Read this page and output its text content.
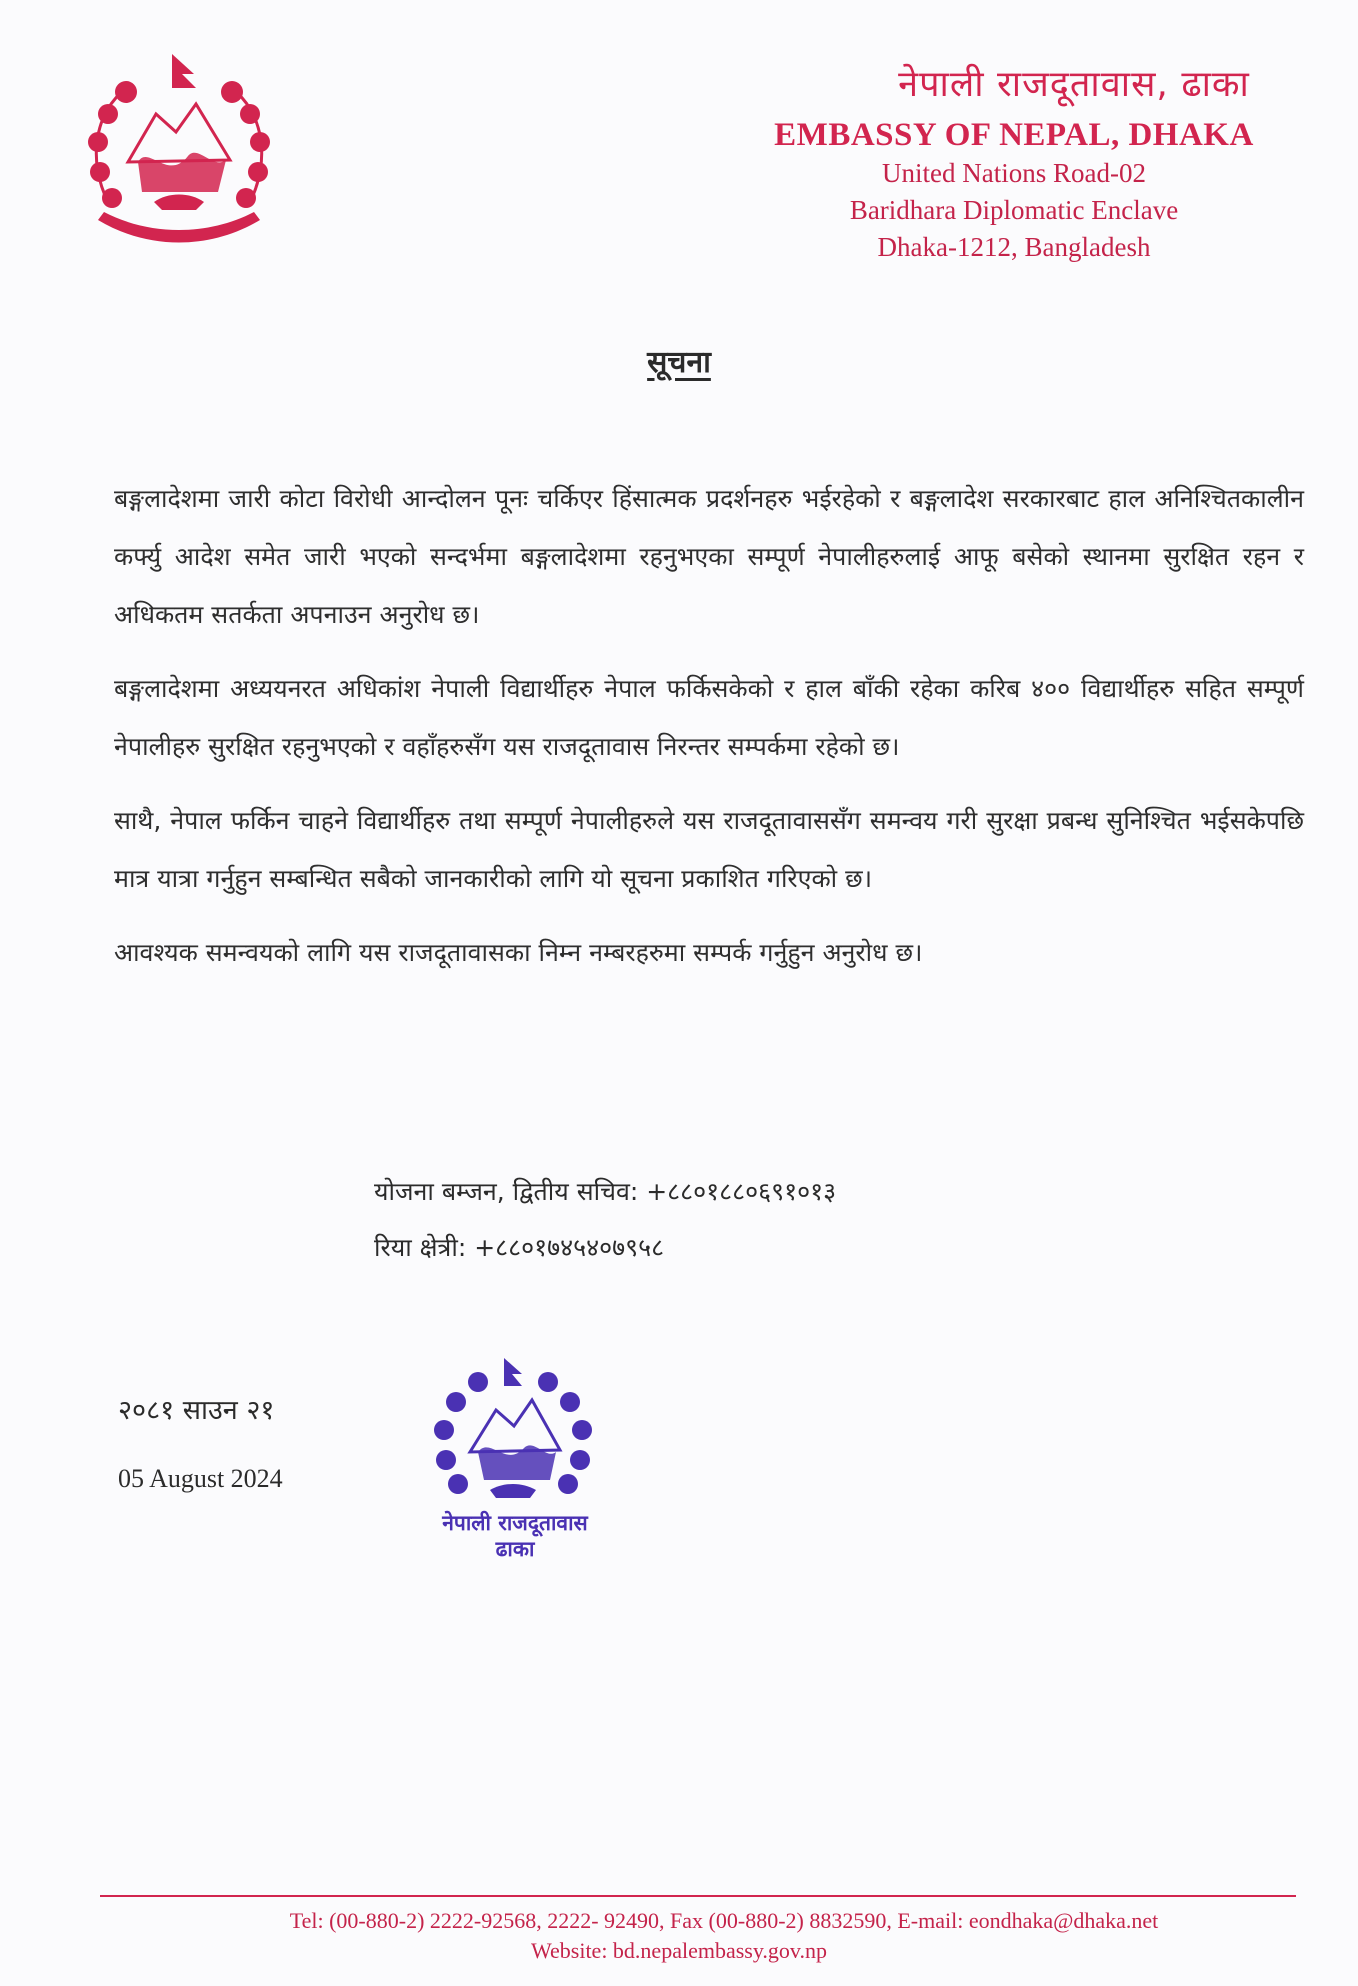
नेपाली राजदूतावास, ढाका
EMBASSY OF NEPAL, DHAKA
United Nations Road-02
Baridhara Diplomatic Enclave
Dhaka-1212, Bangladesh
सूचना

बङ्गलादेशमा जारी कोटा विरोधी आन्दोलन पूनः चर्किएर हिंसात्मक प्रदर्शनहरु भईरहेको र बङ्गलादेश सरकारबाट हाल अनिश्चितकालीन कर्फ्यु आदेश समेत जारी भएको सन्दर्भमा बङ्गलादेशमा रहनुभएका सम्पूर्ण नेपालीहरुलाई आफू बसेको स्थानमा सुरक्षित रहन र अधिकतम सतर्कता अपनाउन अनुरोध छ।

बङ्गलादेशमा अध्ययनरत अधिकांश नेपाली विद्यार्थीहरु नेपाल फर्किसकेको र हाल बाँकी रहेका करिब ४०० विद्यार्थीहरु सहित सम्पूर्ण नेपालीहरु सुरक्षित रहनुभएको र वहाँहरुसँग यस राजदूतावास निरन्तर सम्पर्कमा रहेको छ।

साथै, नेपाल फर्किन चाहने विद्यार्थीहरु तथा सम्पूर्ण नेपालीहरुले यस राजदूतावाससँग समन्वय गरी सुरक्षा प्रबन्ध सुनिश्चित भईसकेपछि मात्र यात्रा गर्नुहुन सम्बन्धित सबैको जानकारीको लागि यो सूचना प्रकाशित गरिएको छ।

आवश्यक समन्वयको लागि यस राजदूतावासका निम्न नम्बरहरुमा सम्पर्क गर्नुहुन अनुरोध छ।

योजना बम्जन, द्वितीय सचिव: +८८०१८८०६९१०१३
रिया क्षेत्री: +८८०१७४५४०७९५८
२०८१ साउन २१
05 August 2024
नेपाली राजदूतावास
ढाका
Tel: (00-880-2) 2222-92568, 2222- 92490, Fax (00-880-2) 8832590, E-mail: eondhaka@dhaka.net
Website: bd.nepalembassy.gov.np
